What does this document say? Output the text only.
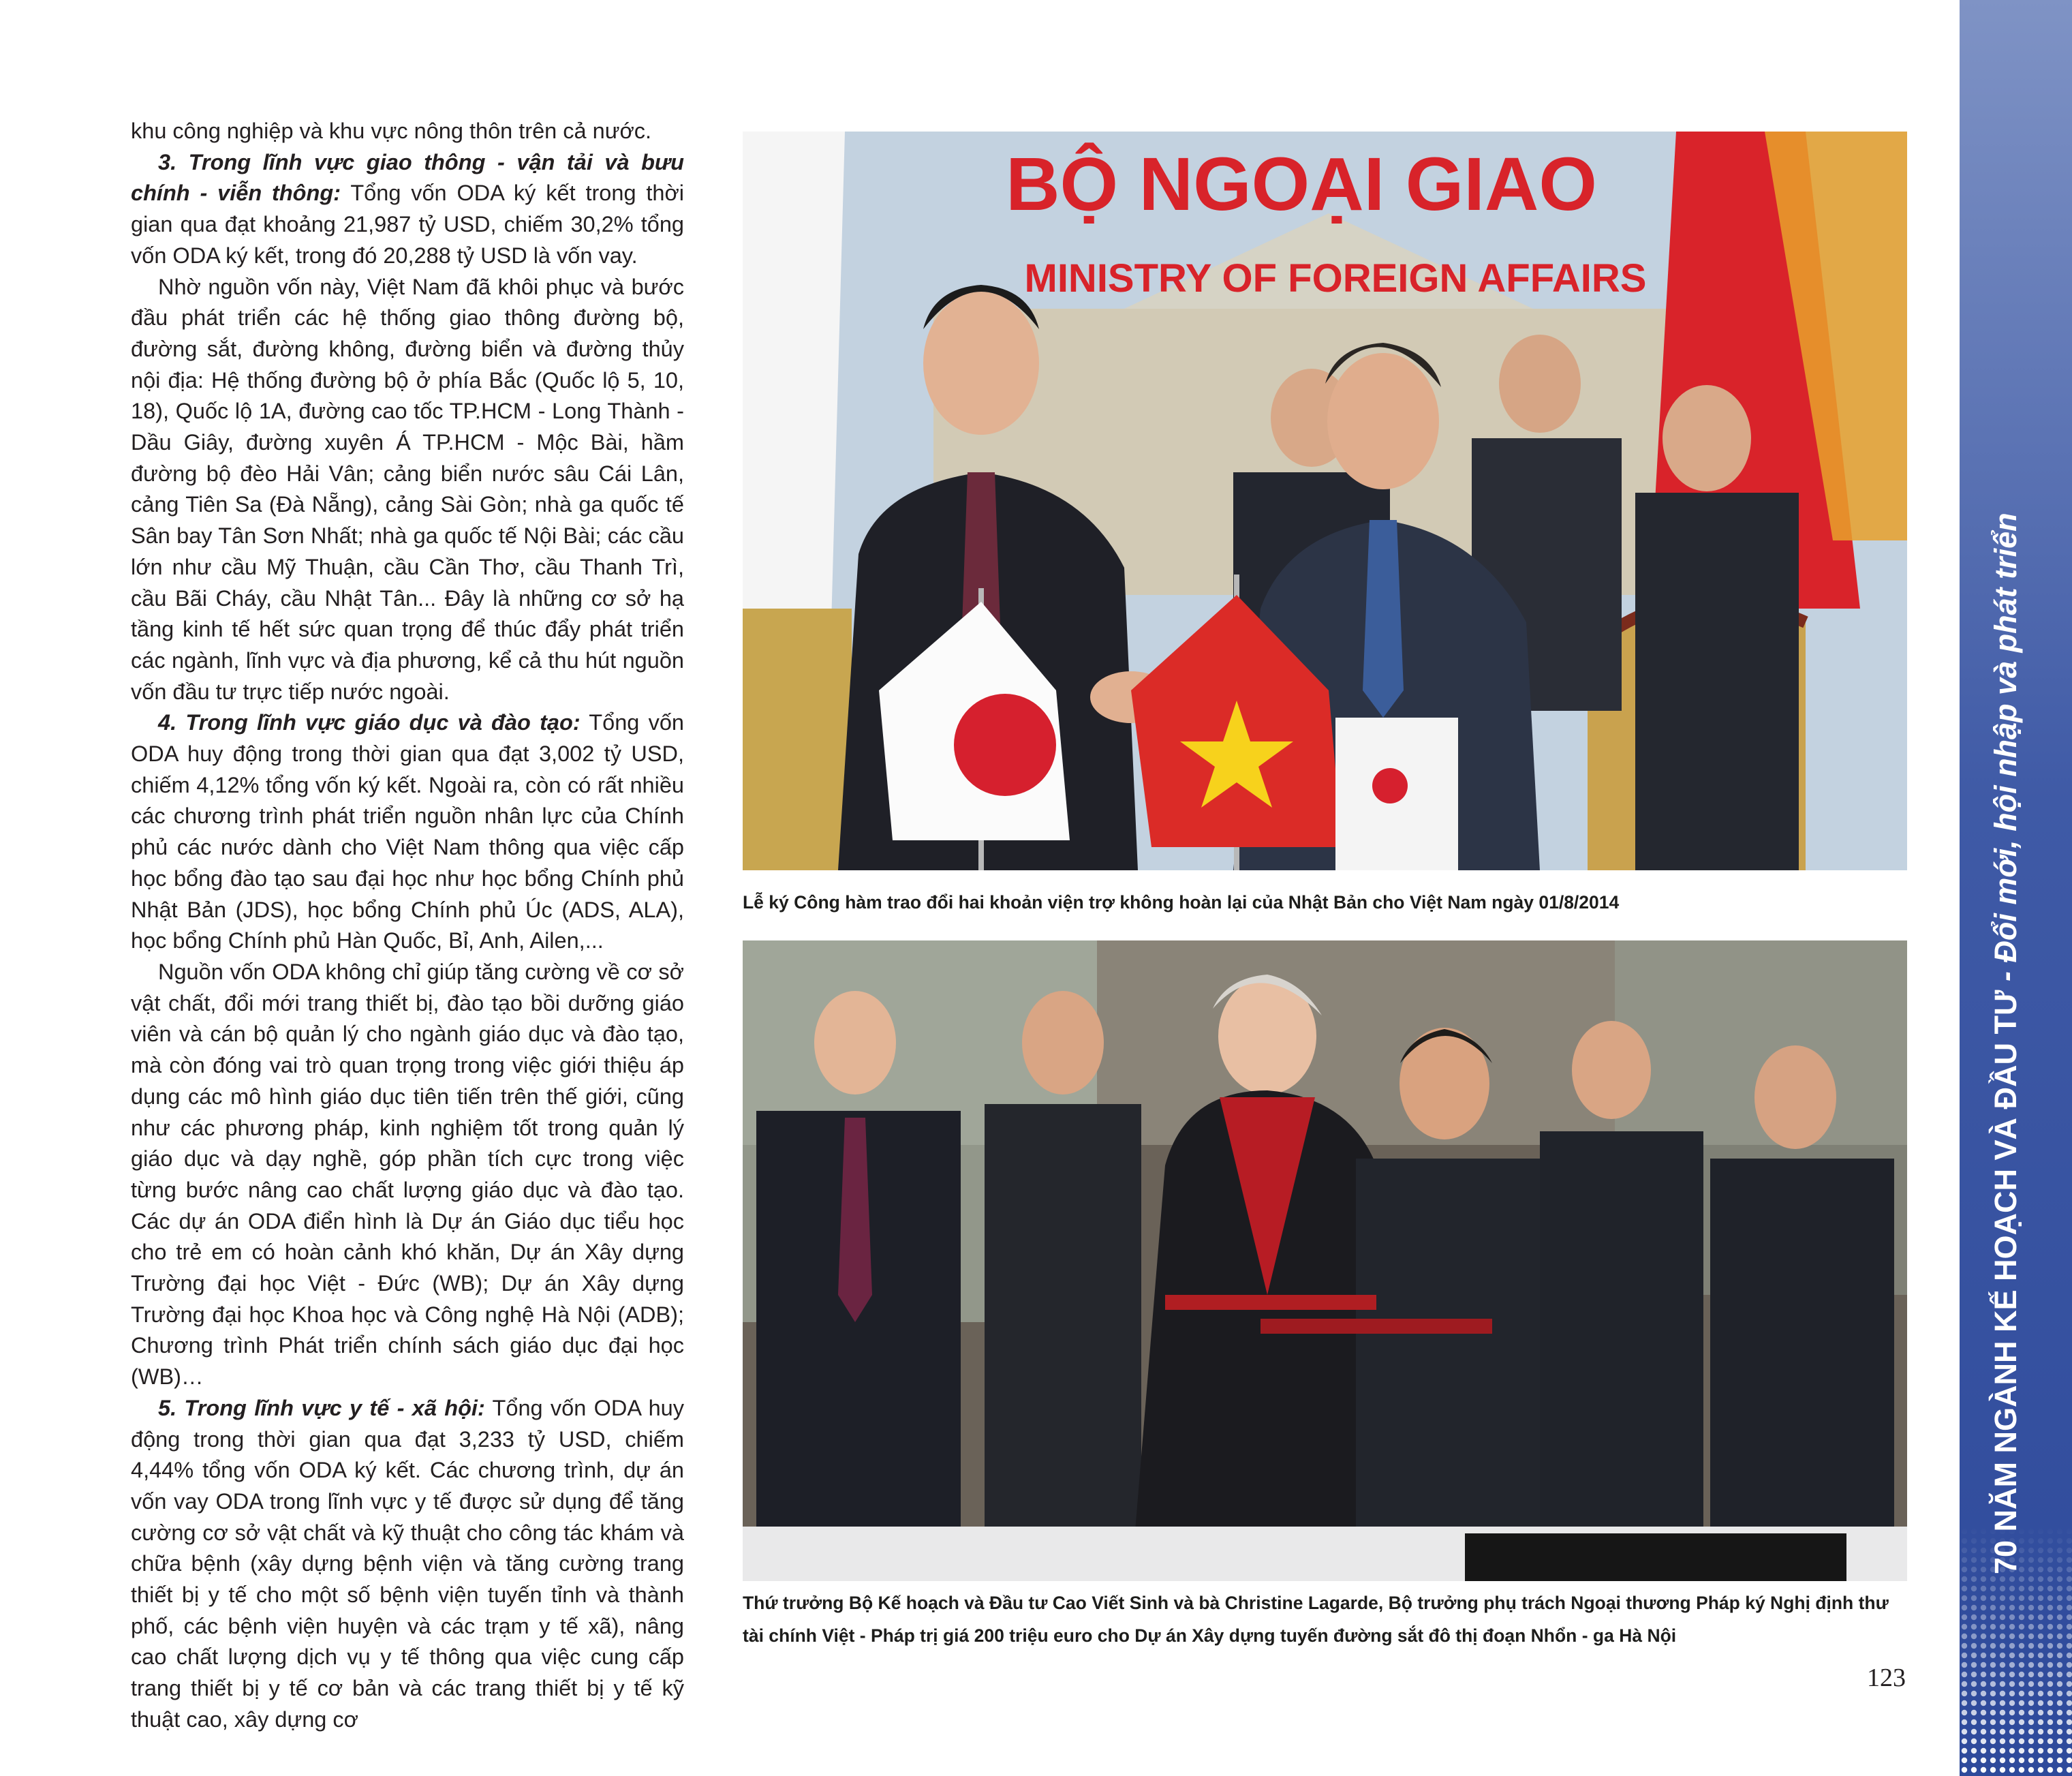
khu công nghiệp và khu vực nông thôn trên cả nước.

3. Trong lĩnh vực giao thông - vận tải và bưu chính - viễn thông: Tổng vốn ODA ký kết trong thời gian qua đạt khoảng 21,987 tỷ USD, chiếm 30,2% tổng vốn ODA ký kết, trong đó 20,288 tỷ USD là vốn vay.

Nhờ nguồn vốn này, Việt Nam đã khôi phục và bước đầu phát triển các hệ thống giao thông đường bộ, đường sắt, đường không, đường biển và đường thủy nội địa: Hệ thống đường bộ ở phía Bắc (Quốc lộ 5, 10, 18), Quốc lộ 1A, đường cao tốc TP.HCM - Long Thành - Dầu Giây, đường xuyên Á TP.HCM - Mộc Bài, hầm đường bộ đèo Hải Vân; cảng biển nước sâu Cái Lân, cảng Tiên Sa (Đà Nẵng), cảng Sài Gòn; nhà ga quốc tế Sân bay Tân Sơn Nhất; nhà ga quốc tế Nội Bài; các cầu lớn như cầu Mỹ Thuận, cầu Cần Thơ, cầu Thanh Trì, cầu Bãi Cháy, cầu Nhật Tân... Đây là những cơ sở hạ tầng kinh tế hết sức quan trọng để thúc đẩy phát triển các ngành, lĩnh vực và địa phương, kể cả thu hút nguồn vốn đầu tư trực tiếp nước ngoài.

4. Trong lĩnh vực giáo dục và đào tạo: Tổng vốn ODA huy động trong thời gian qua đạt 3,002 tỷ USD, chiếm 4,12% tổng vốn ký kết. Ngoài ra, còn có rất nhiều các chương trình phát triển nguồn nhân lực của Chính phủ các nước dành cho Việt Nam thông qua việc cấp học bổng đào tạo sau đại học như học bổng Chính phủ Nhật Bản (JDS), học bổng Chính phủ Úc (ADS, ALA), học bổng Chính phủ Hàn Quốc, Bỉ, Anh, Ailen,...

Nguồn vốn ODA không chỉ giúp tăng cường về cơ sở vật chất, đổi mới trang thiết bị, đào tạo bồi dưỡng giáo viên và cán bộ quản lý cho ngành giáo dục và đào tạo, mà còn đóng vai trò quan trọng trong việc giới thiệu áp dụng các mô hình giáo dục tiên tiến trên thế giới, cũng như các phương pháp, kinh nghiệm tốt trong quản lý giáo dục và dạy nghề, góp phần tích cực trong việc từng bước nâng cao chất lượng giáo dục và đào tạo. Các dự án ODA điển hình là Dự án Giáo dục tiểu học cho trẻ em có hoàn cảnh khó khăn, Dự án Xây dựng Trường đại học Việt - Đức (WB); Dự án Xây dựng Trường đại học Khoa học và Công nghệ Hà Nội (ADB); Chương trình Phát triển chính sách giáo dục đại học (WB)…

5. Trong lĩnh vực y tế - xã hội: Tổng vốn ODA huy động trong thời gian qua đạt 3,233 tỷ USD, chiếm 4,44% tổng vốn ODA ký kết. Các chương trình, dự án vốn vay ODA trong lĩnh vực y tế được sử dụng để tăng cường cơ sở vật chất và kỹ thuật cho công tác khám và chữa bệnh (xây dựng bệnh viện và tăng cường trang thiết bị y tế cho một số bệnh viện tuyến tỉnh và thành phố, các bệnh viện huyện và các trạm y tế xã), nâng cao chất lượng dịch vụ y tế thông qua việc cung cấp trang thiết bị y tế cơ bản và các trang thiết bị y tế kỹ thuật cao, xây dựng cơ

BỘ NGOẠI GIAO
MINISTRY OF FOREIGN AFFAIRS
Lễ ký Công hàm trao đổi hai khoản viện trợ không hoàn lại của Nhật Bản cho Việt Nam ngày 01/8/2014
Thứ trưởng Bộ Kế hoạch và Đầu tư Cao Viết Sinh và bà Christine Lagarde, Bộ trưởng phụ trách Ngoại thương Pháp ký Nghị định thư tài chính Việt - Pháp trị giá 200 triệu euro cho Dự án Xây dựng tuyến đường sắt đô thị đoạn Nhổn - ga Hà Nội
123
70 NĂM NGÀNH KẾ HOẠCH VÀ ĐẦU TƯ - Đổi mới, hội nhập và phát triển
